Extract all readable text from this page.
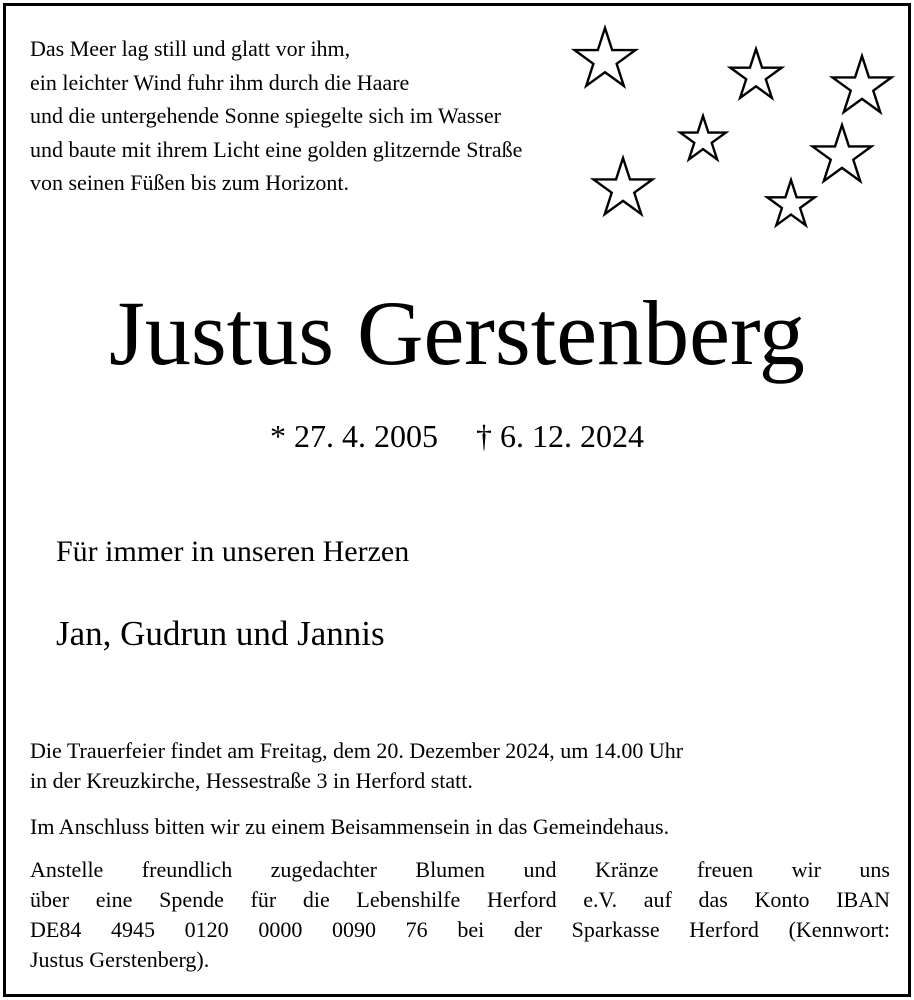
Das Meer lag still und glatt vor ihm,
ein leichter Wind fuhr ihm durch die Haare
und die untergehende Sonne spiegelte sich im Wasser
und baute mit ihrem Licht eine golden glitzernde Straße
von seinen Füßen bis zum Horizont.
Justus Gerstenberg
* 27. 4. 2005 † 6. 12. 2024
Für immer in unseren Herzen
Jan, Gudrun und Jannis
Die Trauerfeier findet am Freitag, dem 20. Dezember 2024, um 14.00 Uhr
in der Kreuzkirche, Hessestraße 3 in Herford statt.
Im Anschluss bitten wir zu einem Beisammensein in das Gemeindehaus.
Anstelle freundlich zugedachter Blumen und Kränze freuen wir uns
über eine Spende für die Lebenshilfe Herford e.V. auf das Konto IBAN
DE84 4945 0120 0000 0090 76 bei der Sparkasse Herford (Kennwort:
Justus Gerstenberg).
